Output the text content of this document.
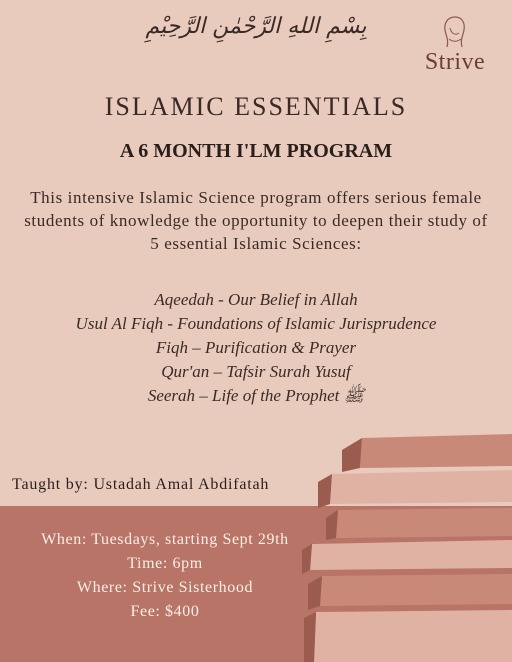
بِسْمِ اللهِ الرَّحْمٰنِ الرَّحِيْمِ
Strive
ISLAMIC ESSENTIALS
A 6 MONTH I'LM PROGRAM
This intensive Islamic Science program offers serious female students of knowledge the opportunity to deepen their study of 5 essential Islamic Sciences:
Aqeedah - Our Belief in Allah
Usul Al Fiqh - Foundations of Islamic Jurisprudence
Fiqh – Purification & Prayer
Qur'an – Tafsir Surah Yusuf
Seerah – Life of the Prophet ﷺ
Taught by: Ustadah Amal Abdifatah
When: Tuesdays, starting Sept 29th
Time: 6pm
Where: Strive Sisterhood
Fee: $400
